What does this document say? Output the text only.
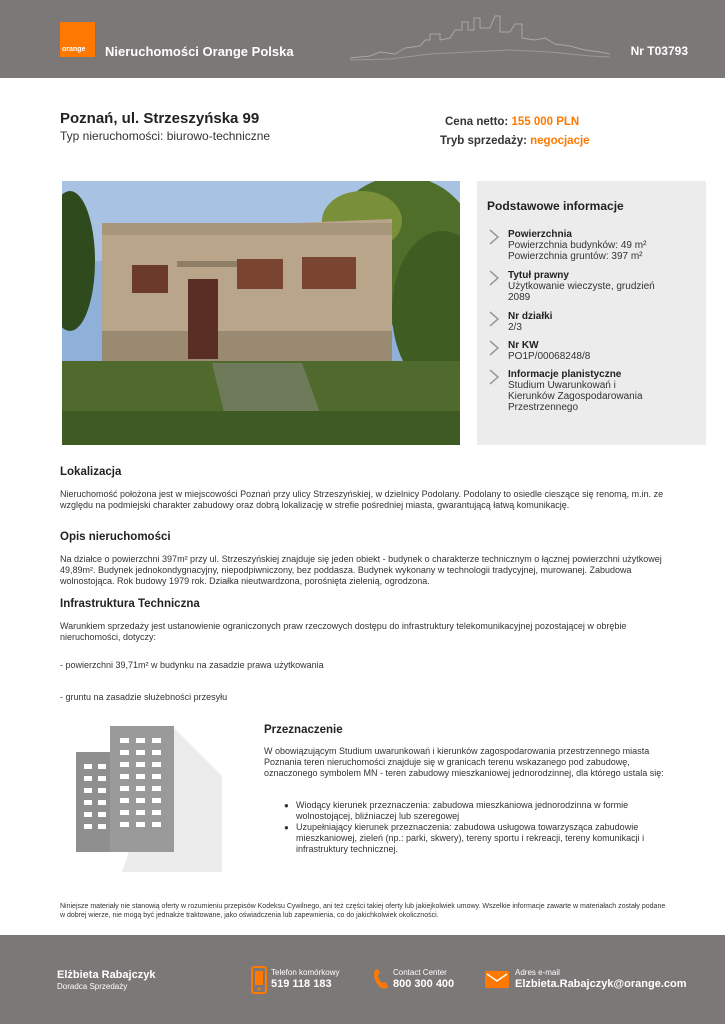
orange Nieruchomości Orange Polska	Nr T03793
Poznań, ul. Strzeszyńska 99
Typ nieruchomości: biurowo-techniczne
Cena netto: 155 000 PLN
Tryb sprzedaży: negocjacje
Podstawowe informacje
Powierzchnia
Powierzchnia budynków: 49 m²
Powierzchnia gruntów: 397 m²
Tytuł prawny
Użytkowanie wieczyste, grudzień
2089
Nr działki
2/3
Nr KW
PO1P/00068248/8
Informacje planistyczne
Studium Uwarunkowań i
Kierunków Zagospodarowania
Przestrzennego
Lokalizacja
Nieruchomość położona jest w miejscowości Poznań przy ulicy Strzeszyńskiej, w dzielnicy Podolany. Podolany to osiedle cieszące się renomą, m.in. ze względu na podmiejski charakter zabudowy oraz dobrą lokalizację w strefie pośredniej miasta, gwarantującą łatwą komunikację.
Opis nieruchomości
Na działce o powierzchni 397m² przy ul. Strzeszyńskiej znajduje się jeden obiekt - budynek o charakterze technicznym o łącznej powierzchni użytkowej 49,89m². Budynek jednokondygnacyjny, niepodpiwniczony, bez poddasza. Budynek wykonany w technologii tradycyjnej, murowanej. Zabudowa wolnostojąca. Rok budowy 1979 rok. Działka nieutwardzona, porośnięta zielenią, ogrodzona.
Infrastruktura Techniczna
Warunkiem sprzedaży jest ustanowienie ograniczonych praw rzeczowych dostępu do infrastruktury telekomunikacyjnej pozostającej w obrębie nieruchomości, dotyczy:
- powierzchni 39,71m² w budynku na zasadzie prawa użytkowania
- gruntu na zasadzie służebności przesyłu
Przeznaczenie
W obowiązującym Studium uwarunkowań i kierunków zagospodarowania przestrzennego miasta Poznania teren nieruchomości znajduje się w granicach terenu wskazanego pod zabudowę, oznaczonego symbolem MN - teren zabudowy mieszkaniowej jednorodzinnej, dla którego ustala się:
● Wiodący kierunek przeznaczenia: zabudowa mieszkaniowa jednorodzinna w formie wolnostojącej, bliźniaczej lub szeregowej
● Uzupełniający kierunek przeznaczenia: zabudowa usługowa towarzysząca zabudowie mieszkaniowej, zieleń (np.: parki, skwery), tereny sportu i rekreacji, tereny komunikacji i infrastruktury technicznej.
Niniejsze materiały nie stanowią oferty w rozumieniu przepisów Kodeksu Cywilnego, ani też części takiej oferty lub jakiejkolwiek umowy. Wszelkie informacje zawarte w materiałach zostały podane w dobrej wierze, nie mogą być jednakże traktowane, jako oświadczenia lub zapewnienia, co do jakichkolwiek okoliczności.
Elżbieta Rabajczyk
Doradca Sprzedaży
Telefon komórkowy
519 118 183
Contact Center
800 300 400
Adres e-mail
Elzbieta.Rabajczyk@orange.com
